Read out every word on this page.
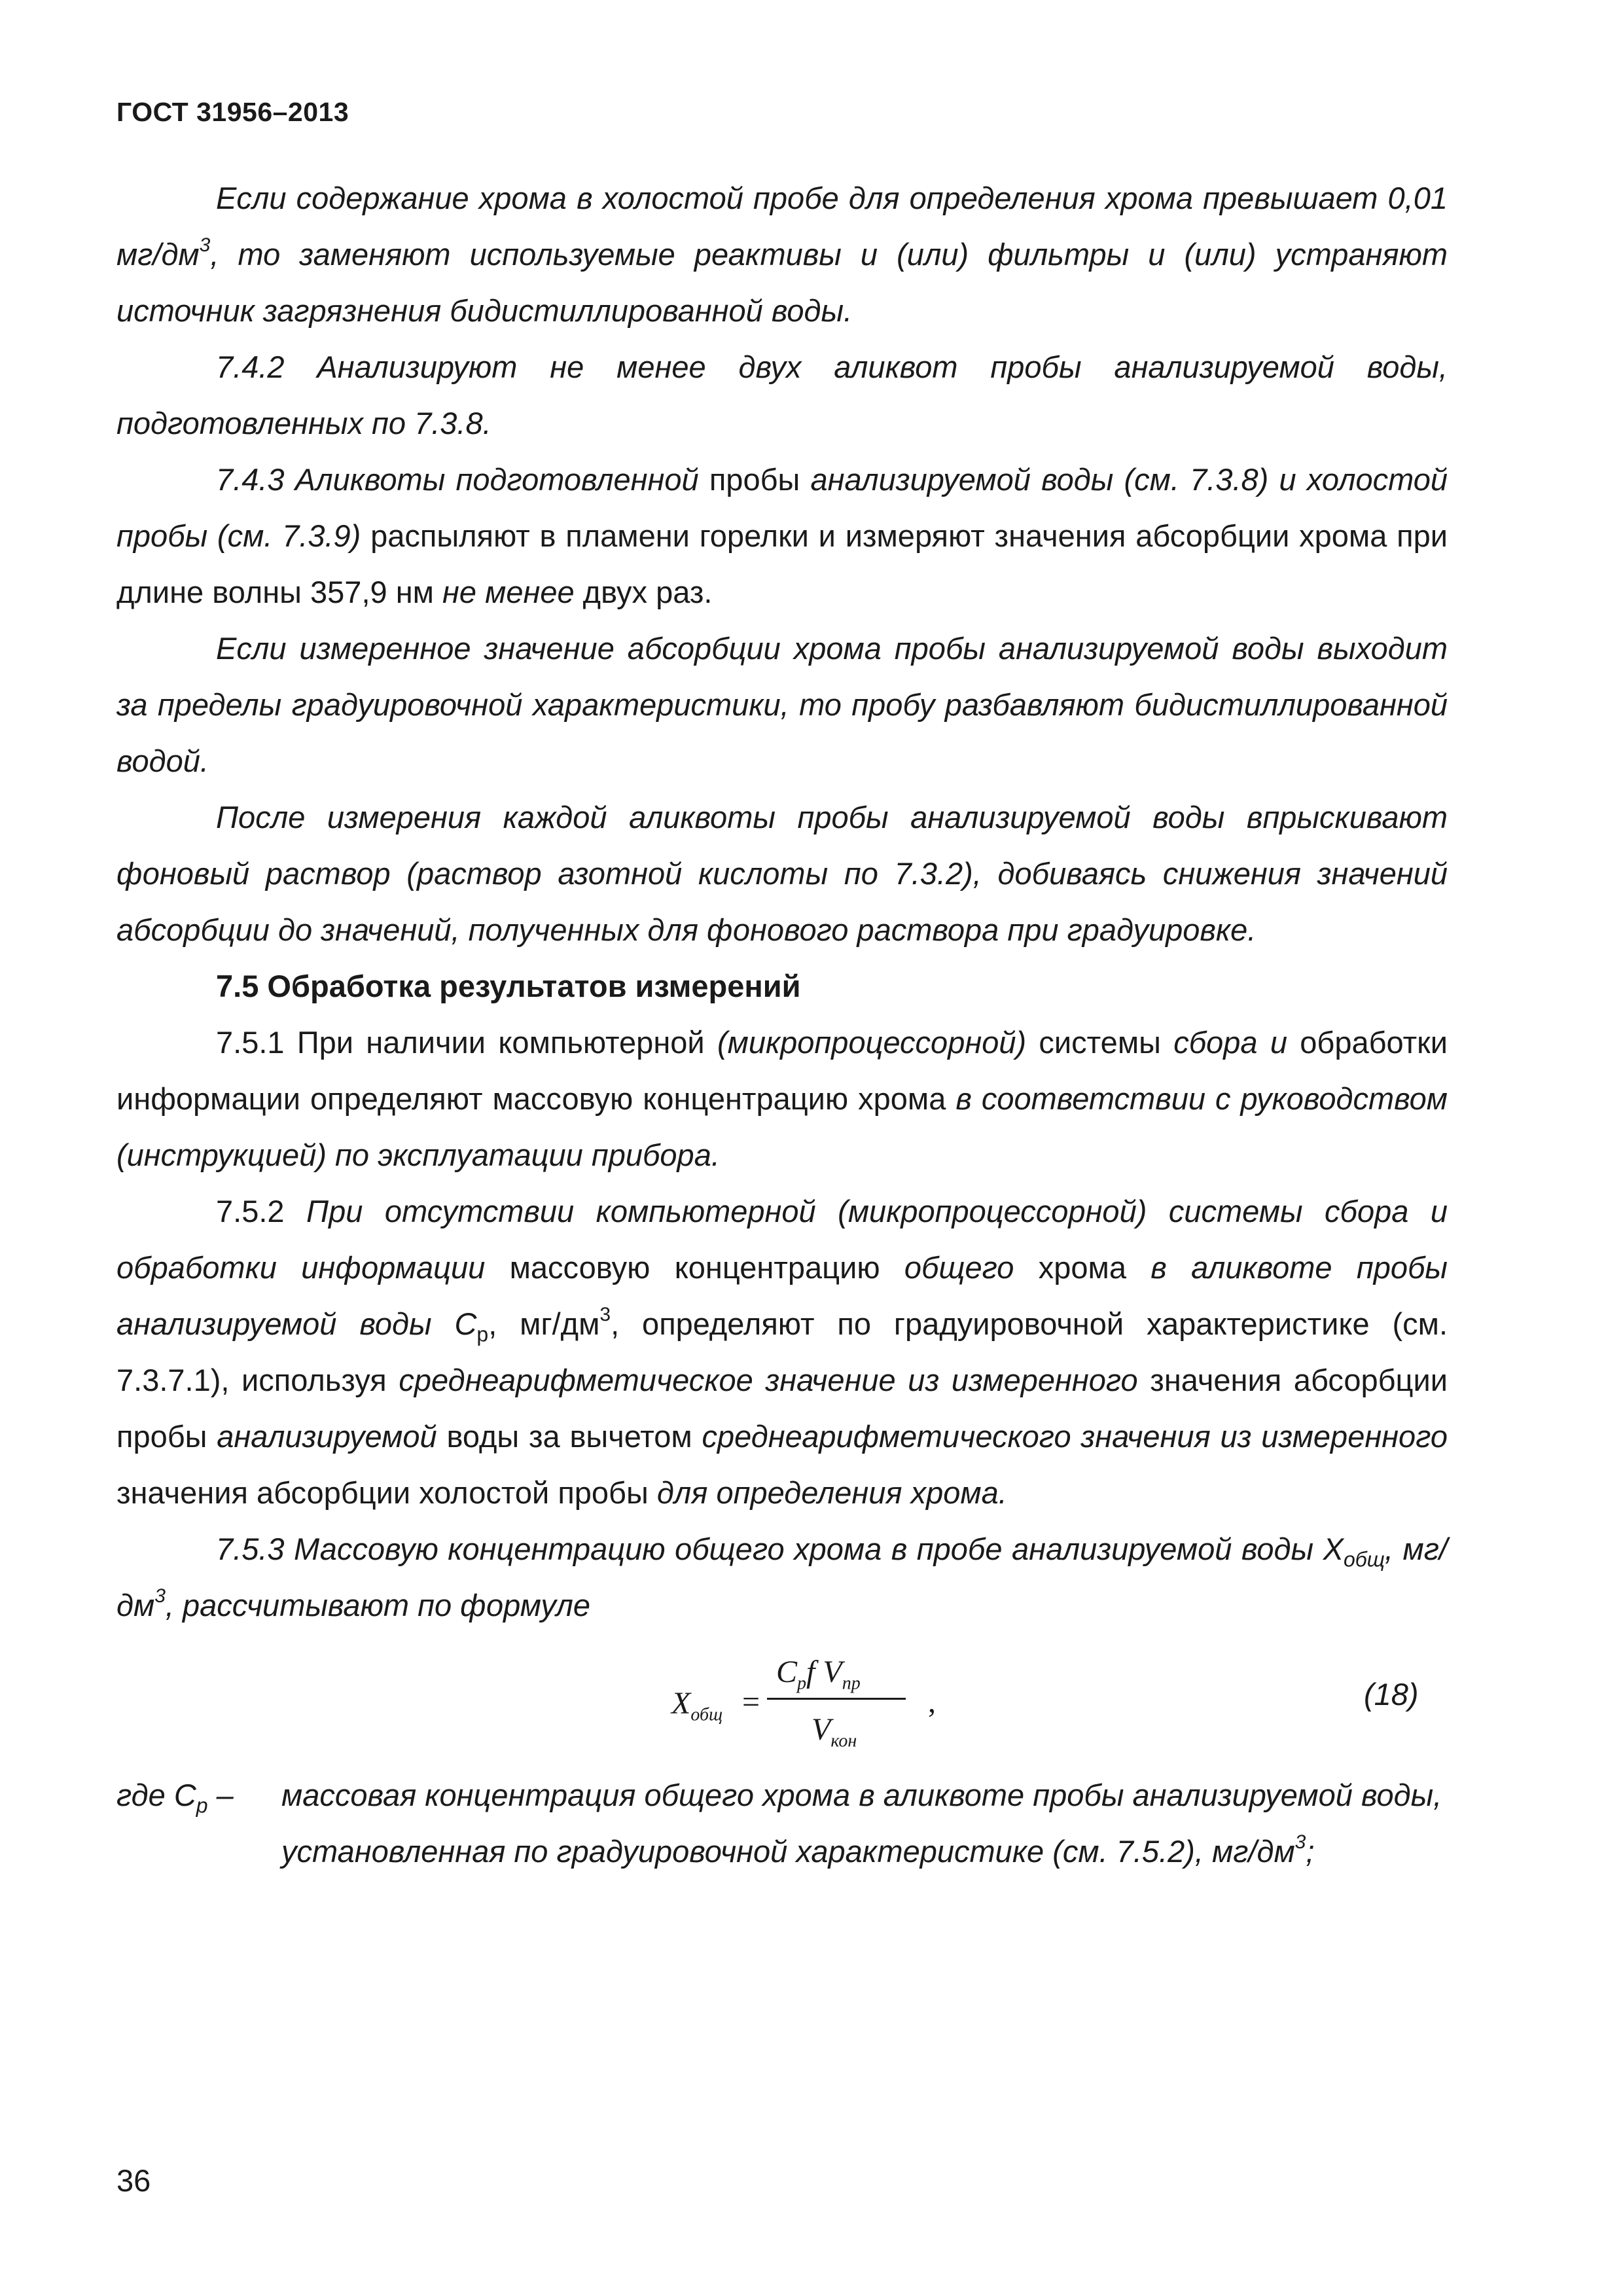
ГОСТ 31956–2013

Если содержание хрома в холостой пробе для определения хрома превышает 0,01 $мг/дм^3$, то заменяют используемые реактивы и (или) фильтры и (или) устраняют источник загрязнения бидистиллированной воды.

7.4.2 Анализируют не менее двух аликвот пробы анализируемой воды, подготовленных по 7.3.8.

7.4.3 Аликвоты подготовленной пробы анализируемой воды (см. 7.3.8) и холостой пробы (см. 7.3.9) распыляют в пламени горелки и измеряют значения абсорбции хрома при длине волны 357,9 нм не менее двух раз.

Если измеренное значение абсорбции хрома пробы анализируемой воды выходит за пределы градуировочной характеристики, то пробу разбавляют бидистиллированной водой.

После измерения каждой аликвоты пробы анализируемой воды впрыскивают фоновый раствор (раствор азотной кислоты по 7.3.2), добиваясь снижения значений абсорбции до значений, полученных для фонового раствора при градуировке.

7.5 Обработка результатов измерений

7.5.1 При наличии компьютерной (микропроцессорной) системы сбора и обработки информации определяют массовую концентрацию хрома в соответствии с руководством (инструкцией) по эксплуатации прибора.

7.5.2 При отсутствии компьютерной (микропроцессорной) системы сбора и обработки информации массовую концентрацию общего хрома в аликвоте пробы анализируемой воды $C_р$, $мг/дм^3$, определяют по градуировочной характеристике (см. 7.3.7.1), используя среднеарифметическое значение из измеренного значения абсорбции пробы анализируемой воды за вычетом среднеарифметического значения из измеренного значения абсорбции холостой пробы для определения хрома.

7.5.3 Массовую концентрацию общего хрома в пробе анализируемой воды $X_{общ}$, $мг/дм^3$, рассчитывают по формуле

$X_{общ}$ =
$C_pf$ $V_{пр}$
$V_{кон}$
,	(18)
где $C_р$ –	массовая концентрация общего хрома в аликвоте пробы анализируемой воды, установленная по градуировочной характеристике (см. 7.5.2), $мг/дм^3$;
36
